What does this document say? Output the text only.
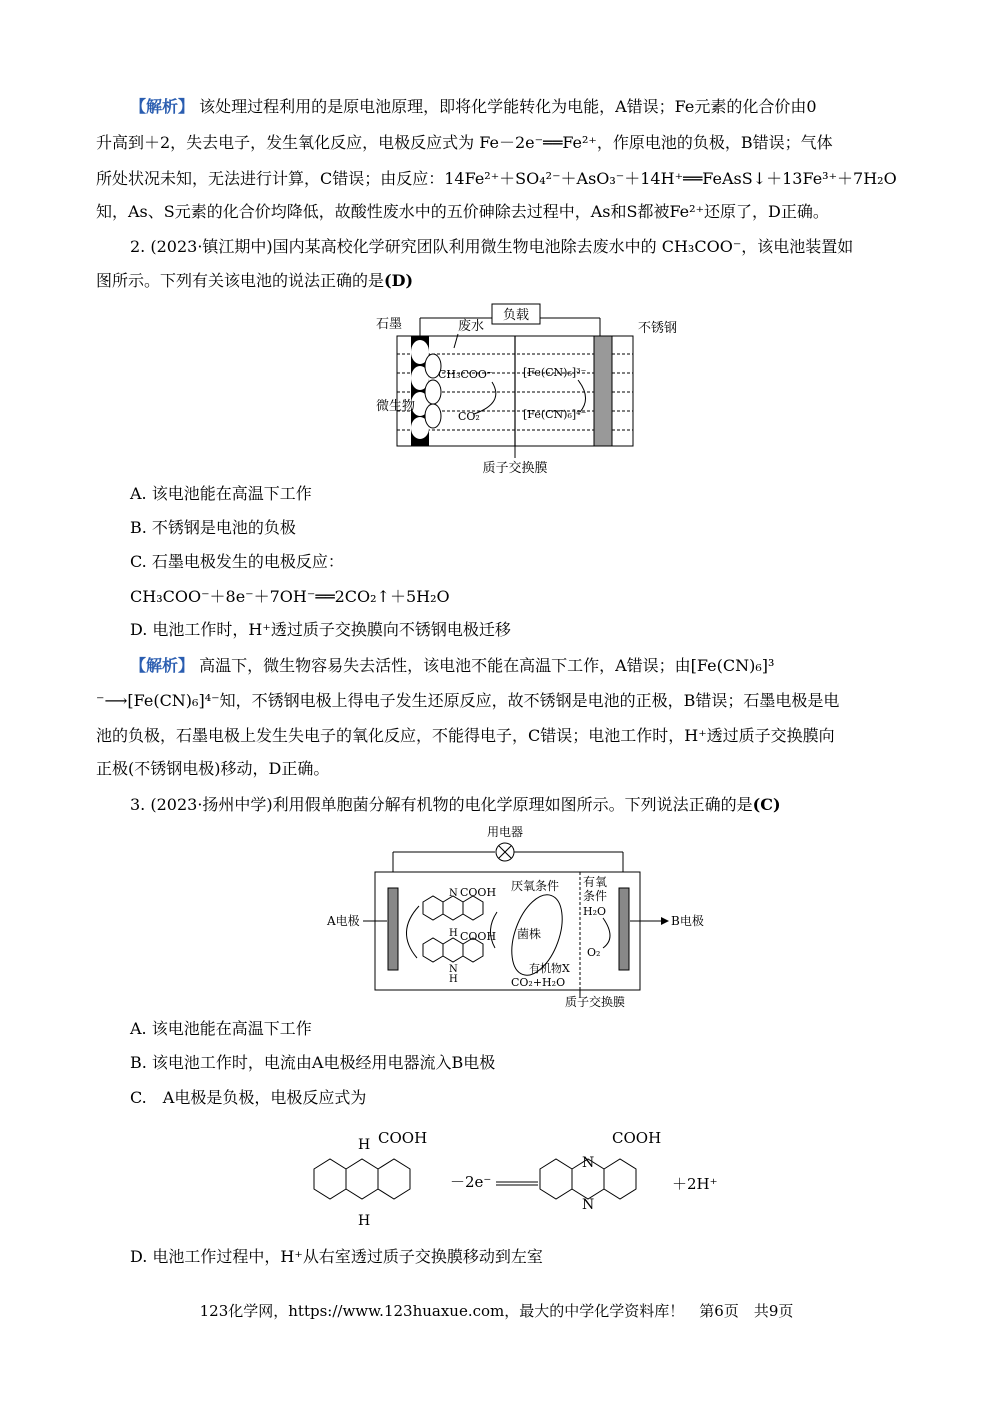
【解析】 该处理过程利用的是原电池原理，即将化学能转化为电能，A错误；Fe元素的化合价由0
升高到＋2，失去电子，发生氧化反应，电极反应式为 Fe－2e⁻══Fe²⁺，作原电池的负极，B错误；气体
所处状况未知，无法进行计算，C错误；由反应：14Fe²⁺＋SO₄²⁻＋AsO₃⁻＋14H⁺══FeAsS↓＋13Fe³⁺＋7H₂O
知，As、S元素的化合价均降低，故酸性废水中的五价砷除去过程中，As和S都被Fe²⁺还原了，D正确。
2. (2023·镇江期中)国内某高校化学研究团队利用微生物电池除去废水中的 CH₃COO⁻，该电池装置如
图所示。下列有关该电池的说法正确的是(D)
负载
石墨	废水
微生物
不锈钢
CH₃COO⁻
CO₂
[Fe(CN)₆]³⁻
[Fe(CN)₆]⁴⁻
质子交换膜
A. 该电池能在高温下工作
B. 不锈钢是电池的负极
C. 石墨电极发生的电极反应：
CH₃COO⁻＋8e⁻＋7OH⁻══2CO₂↑＋5H₂O
D. 电池工作时，H⁺透过质子交换膜向不锈钢电极迁移
【解析】 高温下，微生物容易失去活性，该电池不能在高温下工作，A错误；由[Fe(CN)₆]³
⁻⟶[Fe(CN)₆]⁴⁻知，不锈钢电极上得电子发生还原反应，故不锈钢是电池的正极，B错误；石墨电极是电
池的负极，石墨电极上发生失电子的氧化反应，不能得电子，C错误；电池工作时，H⁺透过质子交换膜向
正极(不锈钢电极)移动，D正确。
3. (2023·扬州中学)利用假单胞菌分解有机物的电化学原理如图所示。下列说法正确的是(C)
用电器
A电极	B电极
N COOH
H COOH
H
N
厌氧条件
菌株
有机物X
CO₂+H₂O
有氧
条件
H₂O
O₂
质子交换膜
A. 该电池能在高温下工作
B. 该电池工作时，电流由A电极经用电器流入B电极
C.　A电极是负极，电极反应式为
COOH
H
H
－2e⁻
COOH
N
N
＋2H⁺
D. 电池工作过程中，H⁺从右室透过质子交换膜移动到左室
123化学网，https://www.123huaxue.com，最大的中学化学资料库！　第6页　共9页
